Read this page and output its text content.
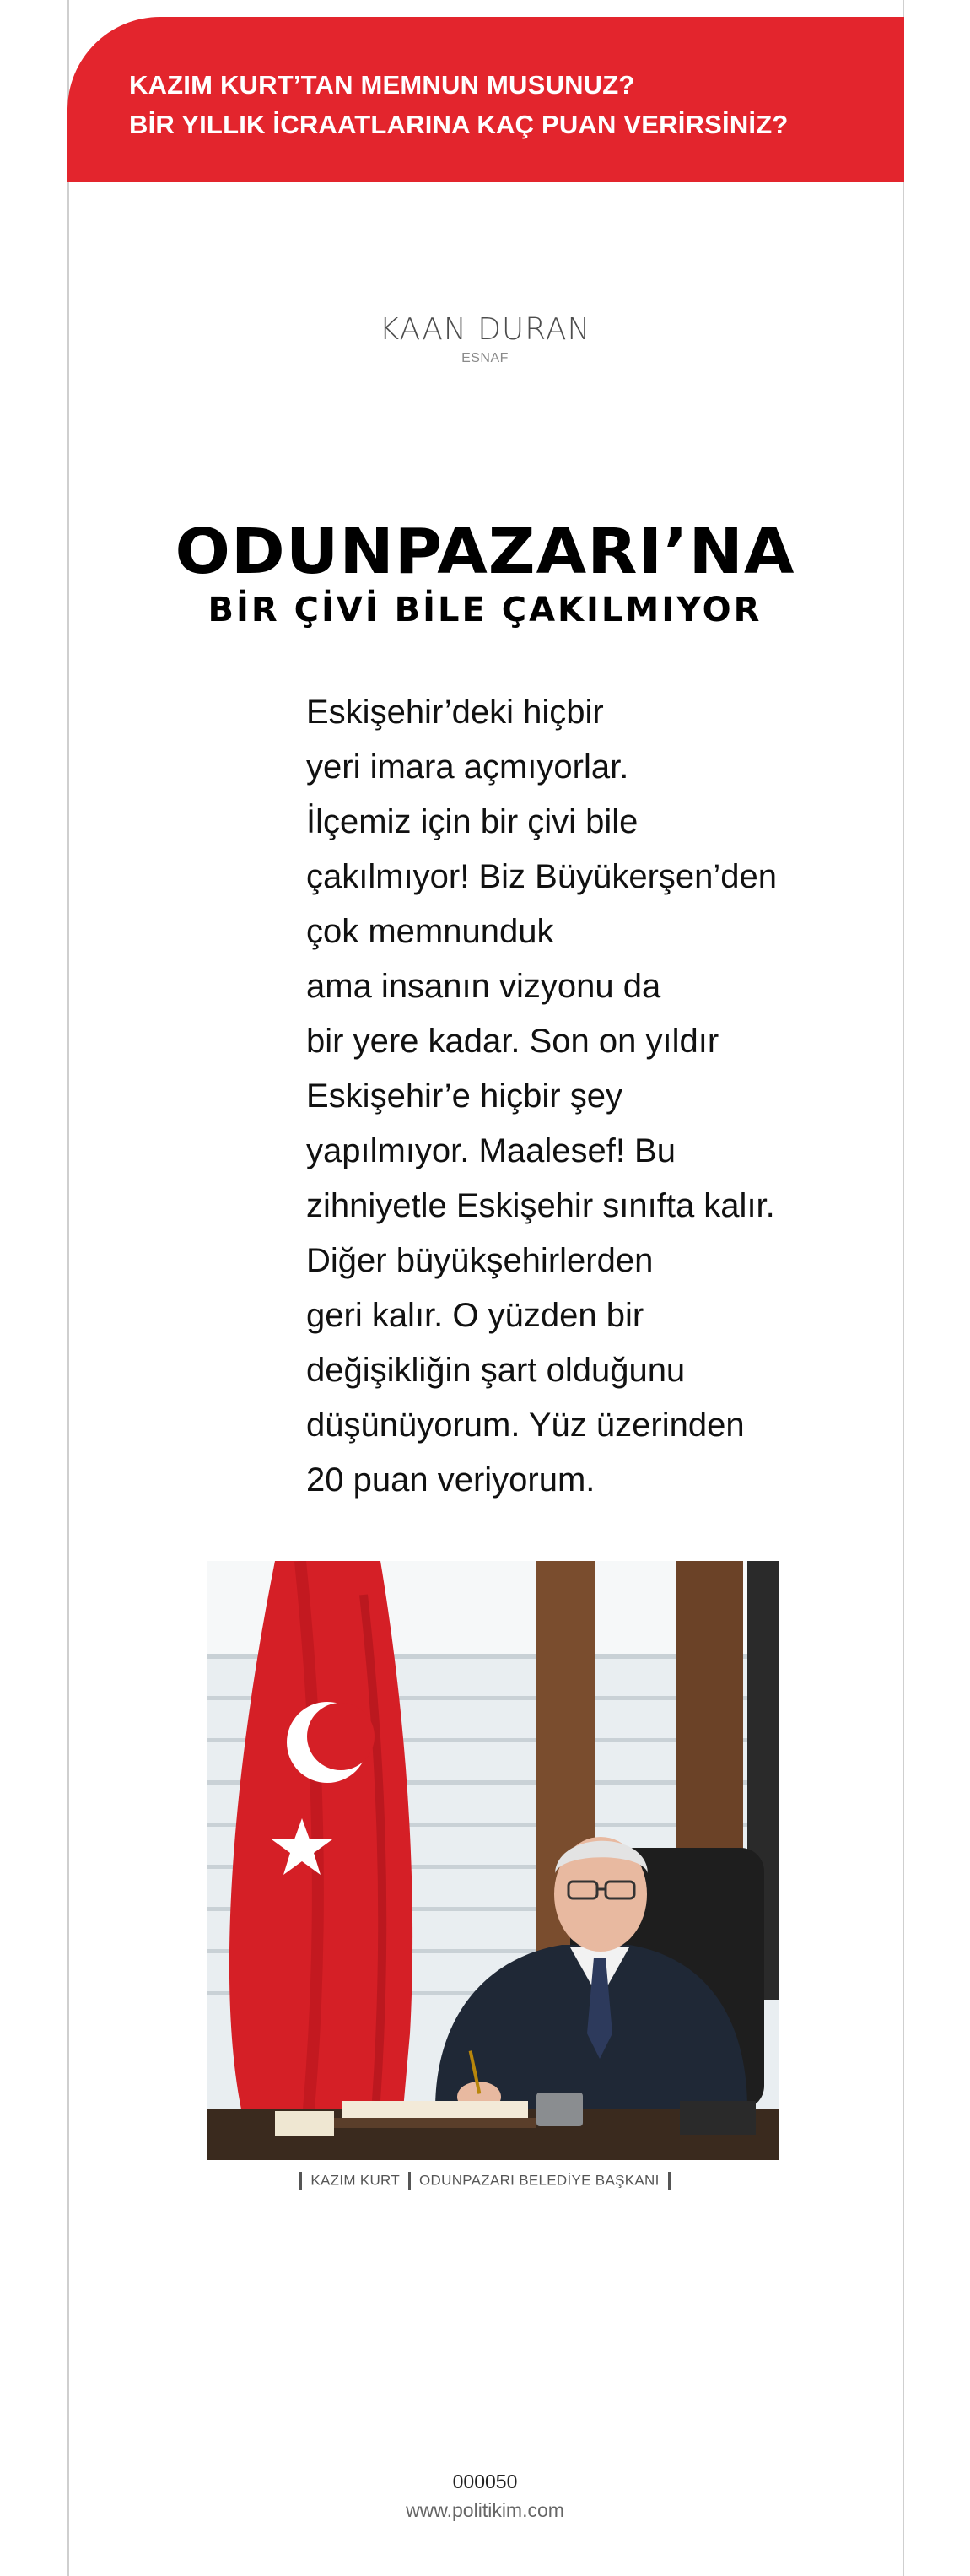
KAZIM KURT’TAN MEMNUN MUSUNUZ?
BİR YILLIK İCRAATLARINA KAÇ PUAN VERİRSİNİZ?
KAAN DURAN
ESNAF
ODUNPAZARI’NA
BİR ÇİVİ BİLE ÇAKILMIYOR
Eskişehir’deki hiçbir
yeri imara açmıyorlar.
İlçemiz için bir çivi bile
çakılmıyor! Biz Büyükerşen’den
çok memnunduk
ama insanın vizyonu da
bir yere kadar. Son on yıldır
Eskişehir’e hiçbir şey
yapılmıyor. Maalesef! Bu
zihniyetle Eskişehir sınıfta kalır.
Diğer büyükşehirlerden
geri kalır. O yüzden bir
değişikliğin şart olduğunu
düşünüyorum. Yüz üzerinden
20 puan veriyorum.
KAZIM KURT ODUNPAZARI BELEDİYE BAŞKANI
000050
www.politikim.com
